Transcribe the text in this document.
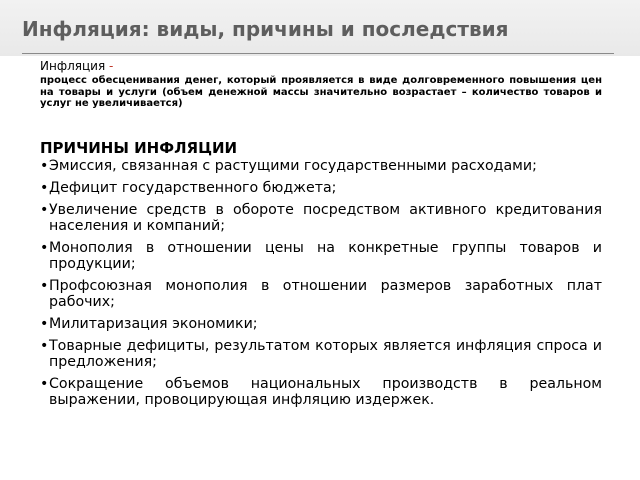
Инфляция: виды, причины и последствия
Инфляция -
процесс обесценивания денег, который проявляется в виде долговременного повышения цен на товары и услуги (объем денежной массы значительно возрастает – количество товаров и услуг не увеличивается)
ПРИЧИНЫ ИНФЛЯЦИИ
• Эмиссия, связанная с растущими государственными расходами;
• Дефицит государственного бюджета;
• Увеличение средств в обороте посредством активного кредитования населения и компаний;
• Монополия в отношении цены на конкретные группы товаров и продукции;
• Профсоюзная монополия в отношении размеров заработных плат рабочих;
• Милитаризация экономики;
• Товарные дефициты, результатом которых является инфляция спроса и предложения;
• Сокращение объемов национальных производств в реальном выражении, провоцирующая инфляцию издержек.
